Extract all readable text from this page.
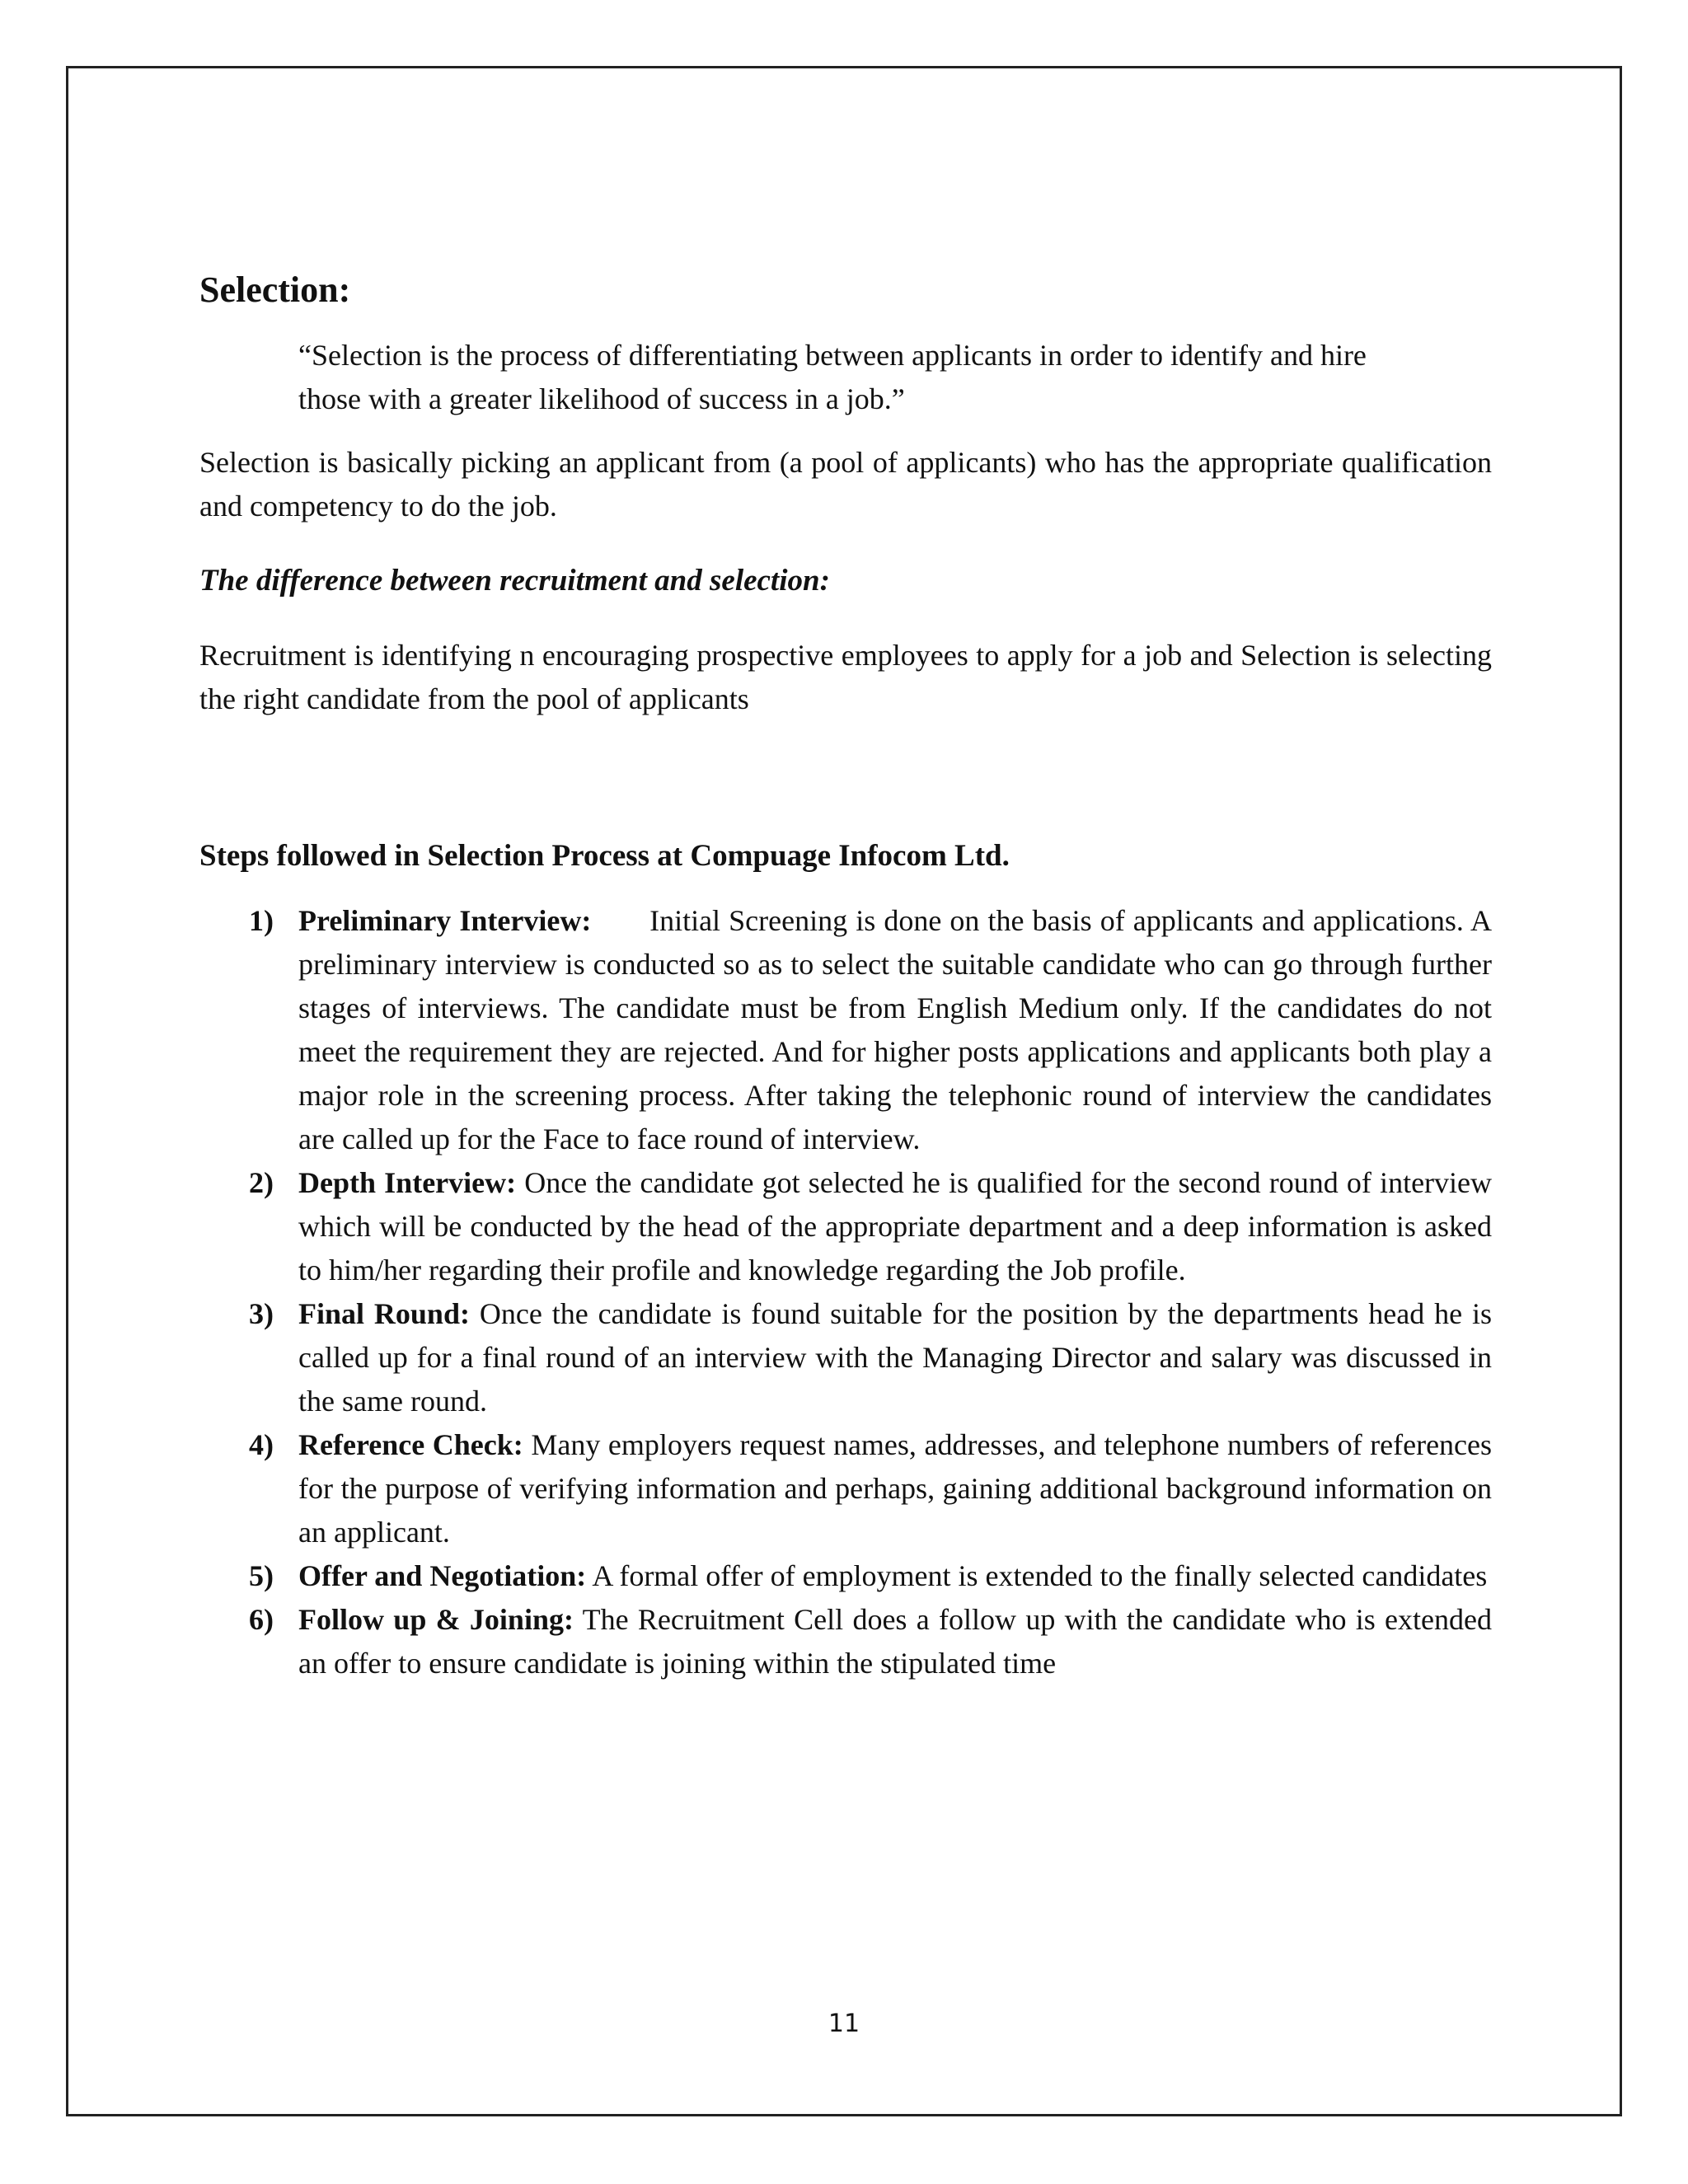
Selection:

“Selection is the process of differentiating between applicants in order to identify and hire those with a greater likelihood of success in a job.”

Selection is basically picking an applicant from (a pool of applicants) who has the appropriate qualification and competency to do the job.

The difference between recruitment and selection:

Recruitment is identifying n encouraging prospective employees to apply for a job and Selection is selecting the right candidate from the pool of applicants

Steps followed in Selection Process at Compuage Infocom Ltd.
1) Preliminary Interview: Initial Screening is done on the basis of applicants and applications. A preliminary interview is conducted so as to select the suitable candidate who can go through further stages of interviews. The candidate must be from English Medium only. If the candidates do not meet the requirement they are rejected. And for higher posts applications and applicants both play a major role in the screening process. After taking the telephonic round of interview the candidates are called up for the Face to face round of interview.
2) Depth Interview: Once the candidate got selected he is qualified for the second round of interview which will be conducted by the head of the appropriate department and a deep information is asked to him/her regarding their profile and knowledge regarding the Job profile.
3) Final Round: Once the candidate is found suitable for the position by the departments head he is called up for a final round of an interview with the Managing Director and salary was discussed in the same round.
4) Reference Check: Many employers request names, addresses, and telephone numbers of references for the purpose of verifying information and perhaps, gaining additional background information on an applicant.
5) Offer and Negotiation: A formal offer of employment is extended to the finally selected candidates
6) Follow up & Joining: The Recruitment Cell does a follow up with the candidate who is extended an offer to ensure candidate is joining within the stipulated time
11
